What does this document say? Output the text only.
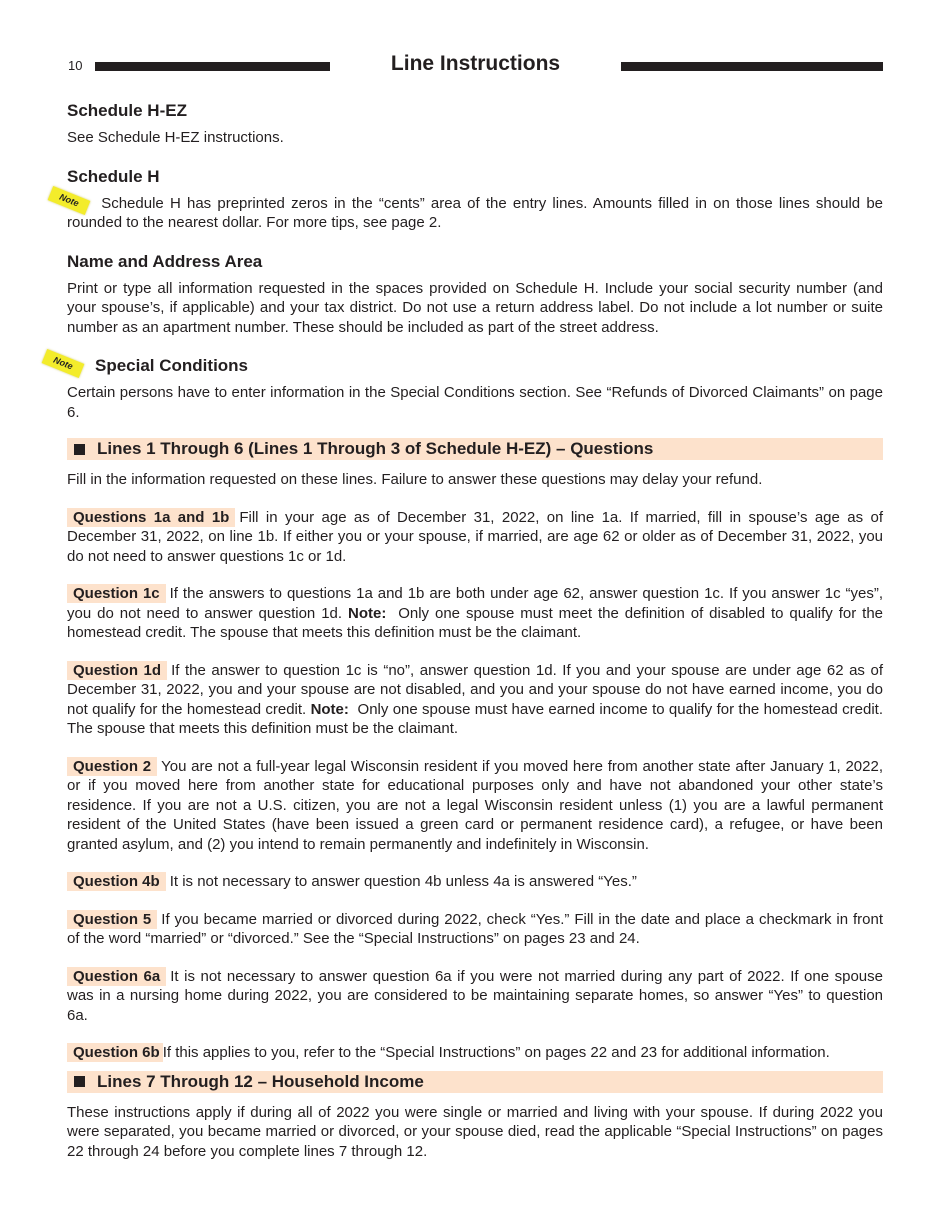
10	Line Instructions
Schedule H-EZ

See Schedule H-EZ instructions.

Schedule H

Note	Schedule H has preprinted zeros in the “cents” area of the entry lines. Amounts filled in on those lines should be rounded to the nearest dollar. For more tips, see page 2.

Name and Address Area

Print or type all information requested in the spaces provided on Schedule H. Include your social security number (and your spouse’s, if applicable) and your tax district. Do not use a return address label. Do not include a lot number or suite number as an apartment number. These should be included as part of the street address.

Note	Special Conditions

Certain persons have to enter information in the Special Conditions section. See “Refunds of Divorced Claimants” on page 6.

Lines 1 Through 6 (Lines 1 Through 3 of Schedule H-EZ) – Questions

Fill in the information requested on these lines. Failure to answer these questions may delay your refund.

Questions 1a and 1b Fill in your age as of December 31, 2022, on line 1a. If married, fill in spouse’s age as of December 31, 2022, on line 1b. If either you or your spouse, if married, are age 62 or older as of December 31, 2022, you do not need to answer questions 1c or 1d.

Question 1c If the answers to questions 1a and 1b are both under age 62, answer question 1c. If you answer 1c “yes”, you do not need to answer question 1d. Note: Only one spouse must meet the definition of disabled to qualify for the homestead credit. The spouse that meets this definition must be the claimant.

Question 1d If the answer to question 1c is “no”, answer question 1d. If you and your spouse are under age 62 as of December 31, 2022, you and your spouse are not disabled, and you and your spouse do not have earned income, you do not qualify for the homestead credit. Note: Only one spouse must have earned income to qualify for the homestead credit. The spouse that meets this definition must be the claimant.

Question 2 You are not a full-year legal Wisconsin resident if you moved here from another state after January 1, 2022, or if you moved here from another state for educational purposes only and have not abandoned your other state’s residence. If you are not a U.S. citizen, you are not a legal Wisconsin resident unless (1) you are a lawful permanent resident of the United States (have been issued a green card or permanent residence card), a refugee, or have been granted asylum, and (2) you intend to remain permanently and indefinitely in Wisconsin.

Question 4b It is not necessary to answer question 4b unless 4a is answered “Yes.”

Question 5 If you became married or divorced during 2022, check “Yes.” Fill in the date and place a checkmark in front of the word “married” or “divorced.” See the “Special Instructions” on pages 23 and 24.

Question 6a It is not necessary to answer question 6a if you were not married during any part of 2022. If one spouse was in a nursing home during 2022, you are considered to be maintaining separate homes, so answer “Yes” to question 6a.

Question 6b If this applies to you, refer to the “Special Instructions” on pages 22 and 23 for additional information.

Lines 7 Through 12 – Household Income

These instructions apply if during all of 2022 you were single or married and living with your spouse. If during 2022 you were separated, you became married or divorced, or your spouse died, read the applicable “Special Instructions” on pages 22 through 24 before you complete lines 7 through 12.
